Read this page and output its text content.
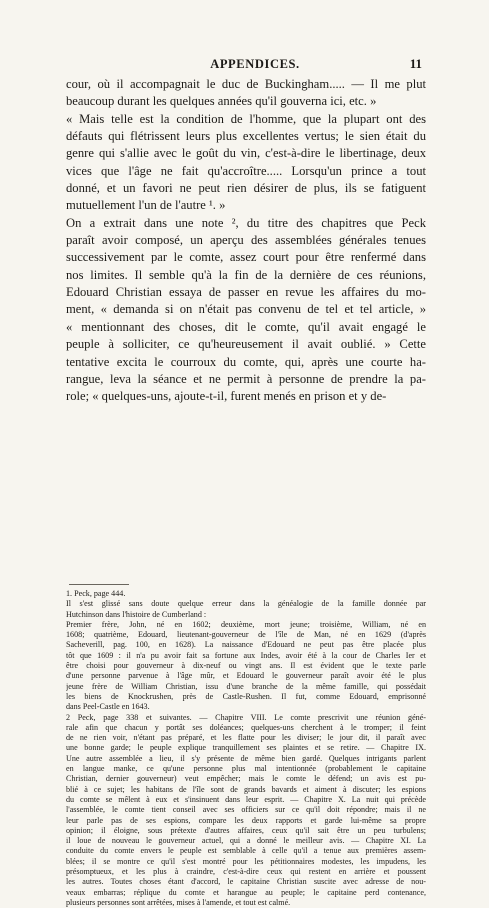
APPENDICES.	11
cour, où il accompagnait le duc de Buckingham..... — Il me plut
beaucoup durant les quelques années qu'il gouverna ici, etc. »
« Mais telle est la condition de l'homme, que la plupart ont des
défauts qui flétrissent leurs plus excellentes vertus; le sien était du
genre qui s'allie avec le goût du vin, c'est-à-dire le libertinage, deux
vices que l'âge ne fait qu'accroître..... Lorsqu'un prince a tout
donné, et un favori ne peut rien désirer de plus, ils se fatiguent
mutuellement l'un de l'autre ¹. »
On a extrait dans une note ², du titre des chapitres que Peck
paraît avoir composé, un aperçu des assemblées générales tenues
successivement par le comte, assez court pour être renfermé dans
nos limites. Il semble qu'à la fin de la dernière de ces réunions,
Edouard Christian essaya de passer en revue les affaires du mo-
ment, « demanda si on n'était pas convenu de tel et tel article, »
« mentionnant des choses, dit le comte, qu'il avait engagé le
peuple à solliciter, ce qu'heureusement il avait oublié. » Cette
tentative excita le courroux du comte, qui, après une courte ha-
rangue, leva la séance et ne permit à personne de prendre la pa-
role; « quelques-uns, ajoute-t-il, furent menés en prison et y de-
1. Peck, page 444.
Il s'est glissé sans doute quelque erreur dans la généalogie de la famille donnée par
Hutchinson dans l'histoire de Cumberland :
Premier frère, John, né en 1602; deuxième, mort jeune; troisième, William, né en
1608; quatrième, Edouard, lieutenant-gouverneur de l'île de Man, né en 1629 (d'après
Sacheverill, pag. 100, en 1628). La naissance d'Edouard ne peut pas être placée plus
tôt que 1609 : il n'a pu avoir fait sa fortune aux Indes, avoir été à la cour de Charles Ier et
être choisi pour gouverneur à dix-neuf ou vingt ans. Il est évident que le texte parle
d'une personne parvenue à l'âge mûr, et Edouard le gouverneur paraît avoir été le plus
jeune frère de William Christian, issu d'une branche de la même famille, qui possédait
les biens de Knockrushen, près de Castle-Rushen. Il fut, comme Edouard, emprisonné
dans Peel-Castle en 1643.
2 Peck, page 338 et suivantes. — Chapitre VIII. Le comte prescrivit une réunion géné-
rale afin que chacun y portât ses doléances; quelques-uns cherchent à le tromper; il feint
de ne rien voir, n'étant pas préparé, et les flatte pour les diviser; le jour dit, il paraît avec
une bonne garde; le peuple explique tranquillement ses plaintes et se retire. — Chapitre IX.
Une autre assemblée a lieu, il s'y présente de même bien gardé. Quelques intrigants parlent
en langue manke, ce qu'une personne plus mal intentionnée (probablement le capitaine
Christian, dernier gouverneur) veut empêcher; mais le comte le défend; un avis est pu-
blié à ce sujet; les habitans de l'île sont de grands bavards et aiment à discuter; les espions
du comte se mêlent à eux et s'insinuent dans leur esprit. — Chapitre X. La nuit qui précède
l'assemblée, le comte tient conseil avec ses officiers sur ce qu'il doit répondre; mais il ne
leur parle pas de ses espions, compare les deux rapports et garde lui-même sa propre
opinion; il éloigne, sous prétexte d'autres affaires, ceux qu'il sait être un peu turbulens;
il loue de nouveau le gouverneur actuel, qui a donné le meilleur avis. — Chapitre XI. La
conduite du comte envers le peuple est semblable à celle qu'il a tenue aux premières assem-
blées; il se montre ce qu'il s'est montré pour les pétitionnaires modestes, les impudens, les
présomptueux, et les plus à craindre, c'est-à-dire ceux qui restent en arrière et poussent
les autres. Toutes choses étant d'accord, le capitaine Christian suscite avec adresse de nou-
veaux embarras; réplique du comte et harangue au peuple; le capitaine perd contenance,
plusieurs personnes sont arrêtées, mises à l'amende, et tout est calmé.
